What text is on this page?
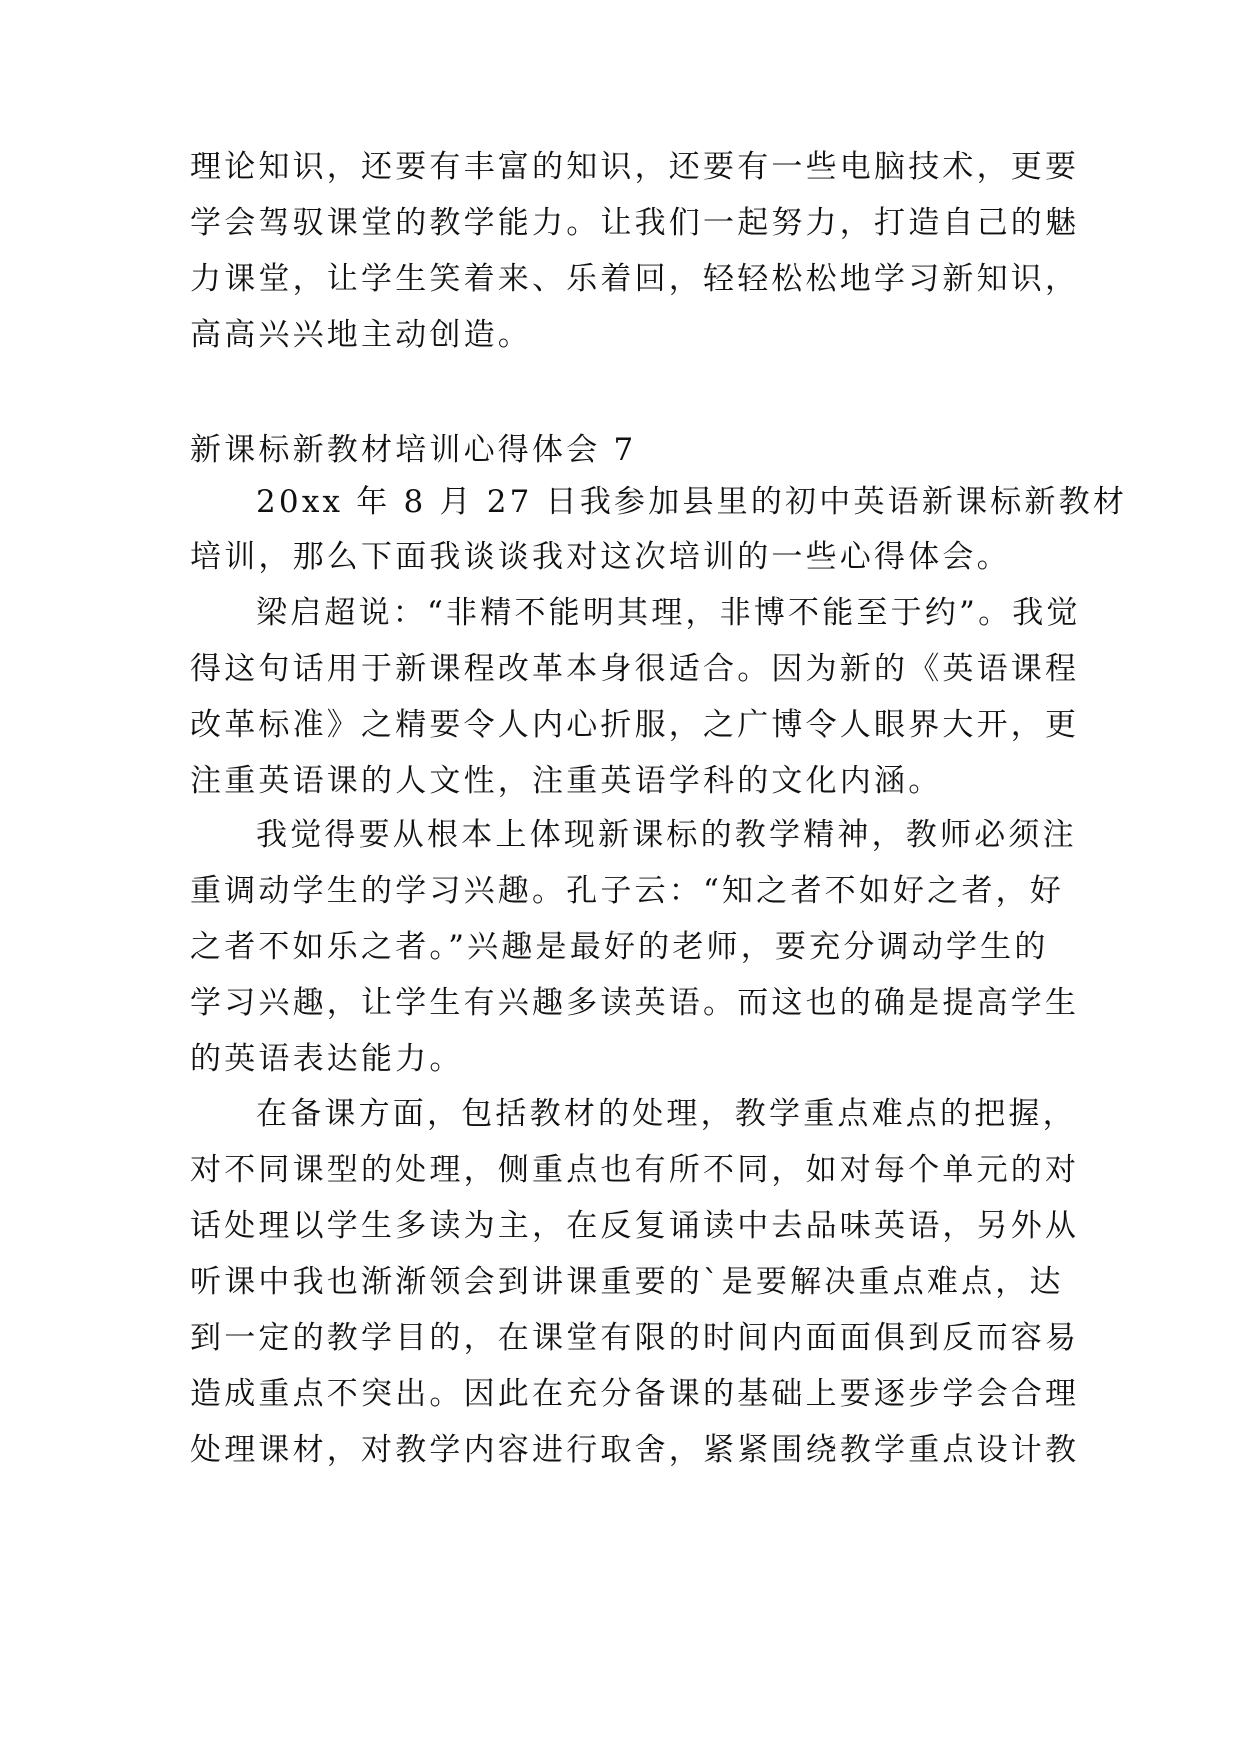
理论知识，还要有丰富的知识，还要有一些电脑技术，更要
学会驾驭课堂的教学能力。让我们一起努力，打造自己的魅
力课堂，让学生笑着来、乐着回，轻轻松松地学习新知识，
高高兴兴地主动创造。
新课标新教材培训心得体会 7
20xx 年 8 月 27 日我参加县里的初中英语新课标新教材
培训，那么下面我谈谈我对这次培训的一些心得体会。
梁启超说：“非精不能明其理，非博不能至于约”。我觉
得这句话用于新课程改革本身很适合。因为新的《英语课程
改革标准》之精要令人内心折服，之广博令人眼界大开，更
注重英语课的人文性，注重英语学科的文化内涵。
我觉得要从根本上体现新课标的教学精神，教师必须注
重调动学生的学习兴趣。孔子云：“知之者不如好之者，好
之者不如乐之者。”兴趣是最好的老师，要充分调动学生的
学习兴趣，让学生有兴趣多读英语。而这也的确是提高学生
的英语表达能力。
在备课方面，包括教材的处理，教学重点难点的把握，
对不同课型的处理，侧重点也有所不同，如对每个单元的对
话处理以学生多读为主，在反复诵读中去品味英语，另外从
听课中我也渐渐领会到讲课重要的`是要解决重点难点，达
到一定的教学目的，在课堂有限的时间内面面俱到反而容易
造成重点不突出。因此在充分备课的基础上要逐步学会合理
处理课材，对教学内容进行取舍，紧紧围绕教学重点设计教
